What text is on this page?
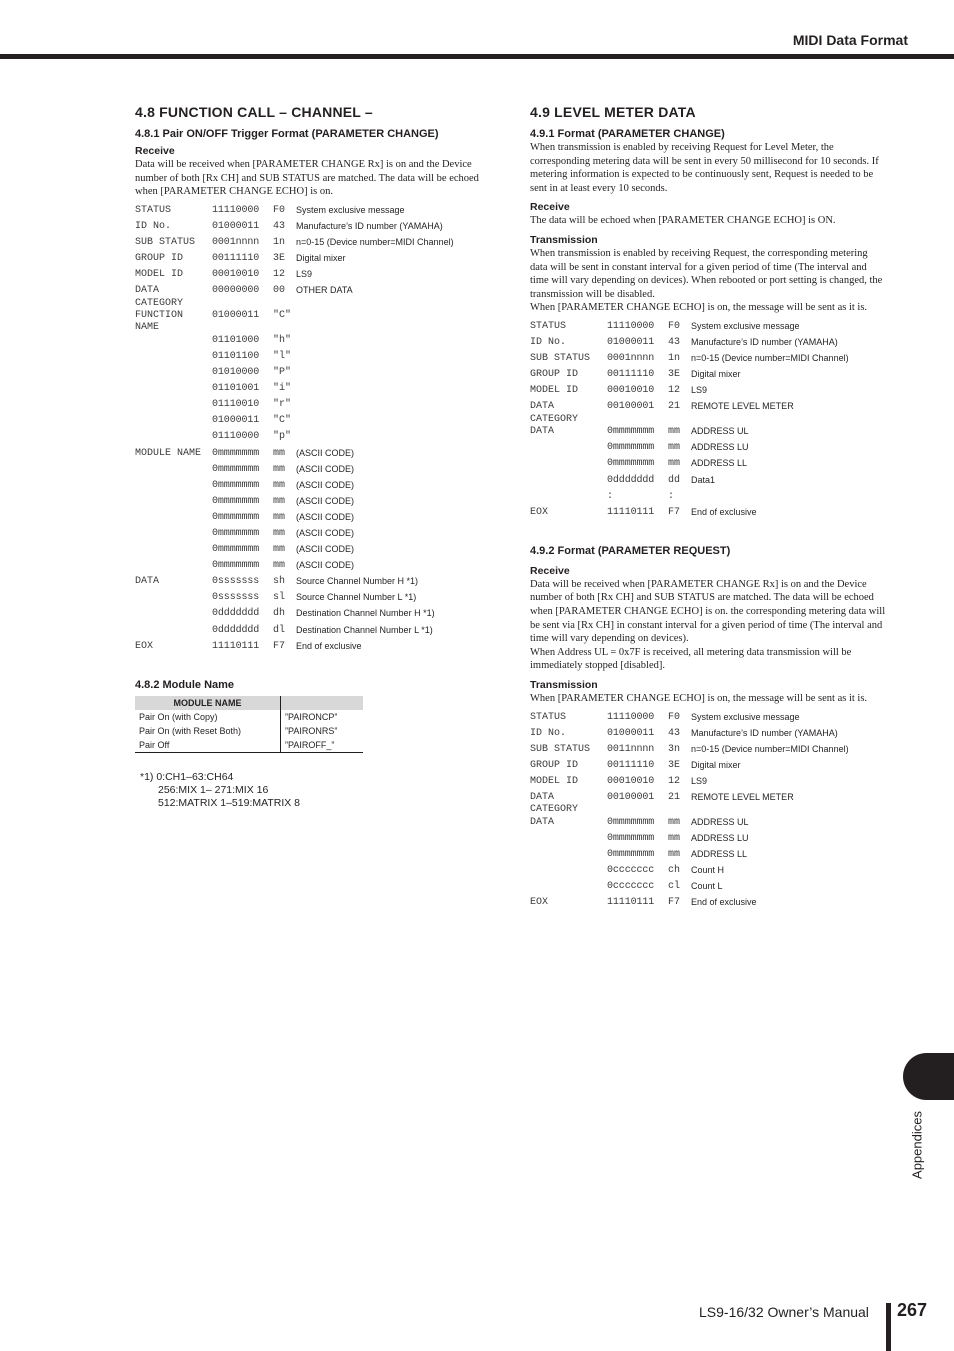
MIDI Data Format
4.8 FUNCTION CALL – CHANNEL –
4.8.1 Pair ON/OFF Trigger Format (PARAMETER CHANGE)
Receive

Data will be received when [PARAMETER CHANGE Rx] is on and the Device number of both [Rx CH] and SUB STATUS are matched. The data will be echoed when [PARAMETER CHANGE ECHO] is on.

STATUS	11110000	F0	System exclusive message
ID No.	01000011	43	Manufacture’s ID number (YAMAHA)
SUB STATUS	0001nnnn	1n	n=0-15 (Device number=MIDI Channel)
GROUP ID	00111110	3E	Digital mixer
MODEL ID	00010010	12	LS9
DATA
CATEGORY
00000000	00	OTHER DATA
FUNCTION
NAME
01000011	"C"
01101000	"h"
01101100	"l"
01010000	"P"
01101001	"i"
01110010	"r"
01000011	"C"
01110000	"p"
MODULE NAME	0mmmmmmm	mm	(ASCII CODE)
0mmmmmmm	mm	(ASCII CODE)
0mmmmmmm	mm	(ASCII CODE)
0mmmmmmm	mm	(ASCII CODE)
0mmmmmmm	mm	(ASCII CODE)
0mmmmmmm	mm	(ASCII CODE)
0mmmmmmm	mm	(ASCII CODE)
0mmmmmmm	mm	(ASCII CODE)
DATA	0sssssss	sh	Source Channel Number H *1)
0sssssss	sl	Source Channel Number L *1)
0ddddddd	dh	Destination Channel Number H *1)
0ddddddd	dl	Destination Channel Number L *1)
EOX	11110111	F7	End of exclusive
4.8.2 Module Name
MODULE NAME	
Pair On (with Copy)	”PAIRONCP”
Pair On (with Reset Both)	”PAIRONRS”
Pair Off	”PAIROFF_”
*1) 0:CH1–63:CH64
256:MIX 1– 271:MIX 16
512:MATRIX 1–519:MATRIX 8
4.9 LEVEL METER DATA
4.9.1 Format (PARAMETER CHANGE)

When transmission is enabled by receiving Request for Level Meter, the corresponding metering data will be sent in every 50 millisecond for 10 seconds. If metering information is expected to be continuously sent, Request is needed to be sent in at least every 10 seconds.

Receive

The data will be echoed when [PARAMETER CHANGE ECHO] is ON.

Transmission

When transmission is enabled by receiving Request, the corresponding metering data will be sent in constant interval for a given period of time (The interval and time will vary depending on devices). When rebooted or port setting is changed, the transmission will be disabled.

When [PARAMETER CHANGE ECHO] is on, the message will be sent as it is.

STATUS	11110000	F0	System exclusive message
ID No.	01000011	43	Manufacture’s ID number (YAMAHA)
SUB STATUS	0001nnnn	1n	n=0-15 (Device number=MIDI Channel)
GROUP ID	00111110	3E	Digital mixer
MODEL ID	00010010	12	LS9
DATA
CATEGORY
00100001	21	REMOTE LEVEL METER
DATA	0mmmmmmm	mm	ADDRESS UL
0mmmmmmm	mm	ADDRESS LU
0mmmmmmm	mm	ADDRESS LL
0ddddddd	dd	Data1
:	:
EOX	11110111	F7	End of exclusive
4.9.2 Format (PARAMETER REQUEST)
Receive

Data will be received when [PARAMETER CHANGE Rx] is on and the Device number of both [Rx CH] and SUB STATUS are matched. The data will be echoed when [PARAMETER CHANGE ECHO] is on. the corresponding metering data will be sent via [Rx CH] in constant interval for a given period of time (The interval and time will vary depending on devices).

When Address UL = 0x7F is received, all metering data transmission will be immediately stopped [disabled].

Transmission

When [PARAMETER CHANGE ECHO] is on, the message will be sent as it is.

STATUS	11110000	F0	System exclusive message
ID No.	01000011	43	Manufacture’s ID number (YAMAHA)
SUB STATUS	0011nnnn	3n	n=0-15 (Device number=MIDI Channel)
GROUP ID	00111110	3E	Digital mixer
MODEL ID	00010010	12	LS9
DATA
CATEGORY
00100001	21	REMOTE LEVEL METER
DATA	0mmmmmmm	mm	ADDRESS UL
0mmmmmmm	mm	ADDRESS LU
0mmmmmmm	mm	ADDRESS LL
0ccccccc	ch	Count H
0ccccccc	cl	Count L
EOX	11110111	F7	End of exclusive
Appendices
LS9-16/32 Owner’s Manual 267
